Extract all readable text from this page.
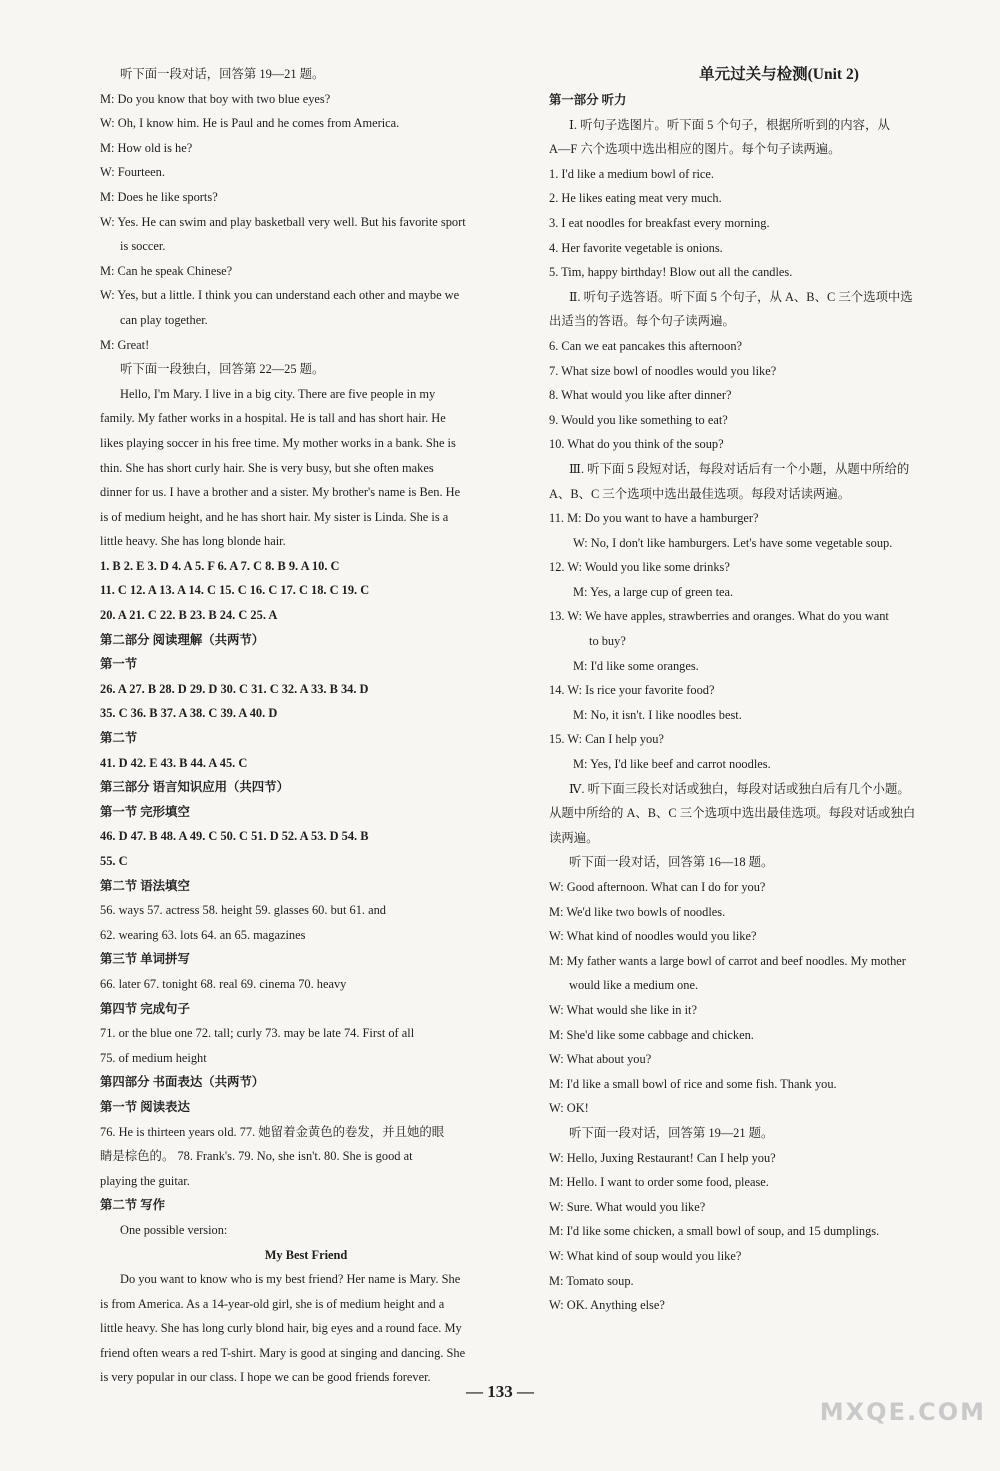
听下面一段对话，回答第 19—21 题。
M: Do you know that boy with two blue eyes?
W: Oh, I know him. He is Paul and he comes from America.
M: How old is he?
W: Fourteen.
M: Does he like sports?
W: Yes. He can swim and play basketball very well. But his favorite sport
is soccer.
M: Can he speak Chinese?
W: Yes, but a little. I think you can understand each other and maybe we
can play together.
M: Great!
听下面一段独白，回答第 22—25 题。
Hello, I'm Mary. I live in a big city. There are five people in my
family. My father works in a hospital. He is tall and has short hair. He
likes playing soccer in his free time. My mother works in a bank. She is
thin. She has short curly hair. She is very busy, but she often makes
dinner for us. I have a brother and a sister. My brother's name is Ben. He
is of medium height, and he has short hair. My sister is Linda. She is a
little heavy. She has long blonde hair.
1. B 2. E 3. D 4. A 5. F 6. A 7. C 8. B 9. A 10. C
11. C 12. A 13. A 14. C 15. C 16. C 17. C 18. C 19. C
20. A 21. C 22. B 23. B 24. C 25. A
第二部分 阅读理解（共两节）
第一节
26. A 27. B 28. D 29. D 30. C 31. C 32. A 33. B 34. D
35. C 36. B 37. A 38. C 39. A 40. D
第二节
41. D 42. E 43. B 44. A 45. C
第三部分 语言知识应用（共四节）
第一节 完形填空
46. D 47. B 48. A 49. C 50. C 51. D 52. A 53. D 54. B
55. C
第二节 语法填空
56. ways 57. actress 58. height 59. glasses 60. but 61. and
62. wearing 63. lots 64. an 65. magazines
第三节 单词拼写
66. later 67. tonight 68. real 69. cinema 70. heavy
第四节 完成句子
71. or the blue one 72. tall; curly 73. may be late 74. First of all
75. of medium height
第四部分 书面表达（共两节）
第一节 阅读表达
76. He is thirteen years old. 77. 她留着金黄色的卷发，并且她的眼
睛是棕色的。 78. Frank's. 79. No, she isn't. 80. She is good at
playing the guitar.
第二节 写作
One possible version:
My Best Friend
Do you want to know who is my best friend? Her name is Mary. She
is from America. As a 14-year-old girl, she is of medium height and a
little heavy. She has long curly blond hair, big eyes and a round face. My
friend often wears a red T-shirt. Mary is good at singing and dancing. She
is very popular in our class. I hope we can be good friends forever.
单元过关与检测(Unit 2)
第一部分 听力
Ⅰ. 听句子选图片。听下面 5 个句子，根据所听到的内容，从
A—F 六个选项中选出相应的图片。每个句子读两遍。
1. I'd like a medium bowl of rice.
2. He likes eating meat very much.
3. I eat noodles for breakfast every morning.
4. Her favorite vegetable is onions.
5. Tim, happy birthday! Blow out all the candles.
Ⅱ. 听句子选答语。听下面 5 个句子，从 A、B、C 三个选项中选
出适当的答语。每个句子读两遍。
6. Can we eat pancakes this afternoon?
7. What size bowl of noodles would you like?
8. What would you like after dinner?
9. Would you like something to eat?
10. What do you think of the soup?
Ⅲ. 听下面 5 段短对话，每段对话后有一个小题，从题中所给的
A、B、C 三个选项中选出最佳选项。每段对话读两遍。
11. M: Do you want to have a hamburger?
W: No, I don't like hamburgers. Let's have some vegetable soup.
12. W: Would you like some drinks?
M: Yes, a large cup of green tea.
13. W: We have apples, strawberries and oranges. What do you want
to buy?
M: I'd like some oranges.
14. W: Is rice your favorite food?
M: No, it isn't. I like noodles best.
15. W: Can I help you?
M: Yes, I'd like beef and carrot noodles.
Ⅳ. 听下面三段长对话或独白，每段对话或独白后有几个小题。
从题中所给的 A、B、C 三个选项中选出最佳选项。每段对话或独白
读两遍。
听下面一段对话，回答第 16—18 题。
W: Good afternoon. What can I do for you?
M: We'd like two bowls of noodles.
W: What kind of noodles would you like?
M: My father wants a large bowl of carrot and beef noodles. My mother
would like a medium one.
W: What would she like in it?
M: She'd like some cabbage and chicken.
W: What about you?
M: I'd like a small bowl of rice and some fish. Thank you.
W: OK!
听下面一段对话，回答第 19—21 题。
W: Hello, Juxing Restaurant! Can I help you?
M: Hello. I want to order some food, please.
W: Sure. What would you like?
M: I'd like some chicken, a small bowl of soup, and 15 dumplings.
W: What kind of soup would you like?
M: Tomato soup.
W: OK. Anything else?
— 133 —
MXQE.COM
